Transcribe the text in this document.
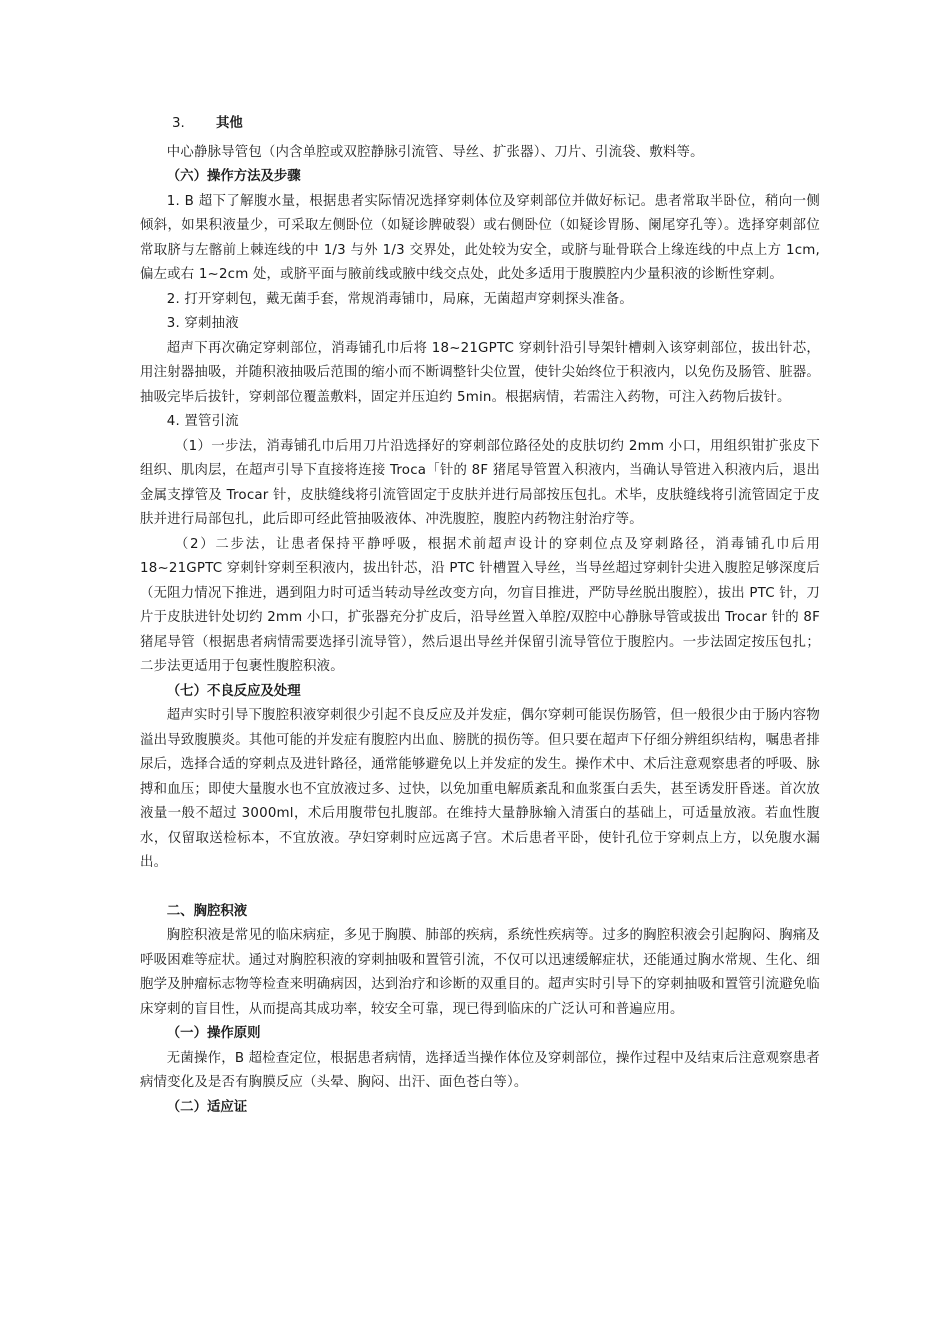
3. 其他

中心静脉导管包（内含单腔或双腔静脉引流管、导丝、扩张器）、刀片、引流袋、敷料等。

（六）操作方法及步骤

1. B 超下了解腹水量，根据患者实际情况选择穿刺体位及穿刺部位并做好标记。患者常取半卧位，稍向一侧倾斜，如果积液量少，可采取左侧卧位（如疑诊脾破裂）或右侧卧位（如疑诊胃肠、阑尾穿孔等）。选择穿刺部位常取脐与左髂前上棘连线的中 1/3 与外 1/3 交界处，此处较为安全，或脐与耻骨联合上缘连线的中点上方 1cm,偏左或右 1~2cm 处，或脐平面与腋前线或腋中线交点处，此处多适用于腹膜腔内少量积液的诊断性穿刺。

2. 打开穿刺包，戴无菌手套，常规消毒铺巾，局麻，无菌超声穿刺探头准备。

3. 穿刺抽液

超声下再次确定穿刺部位，消毒铺孔巾后将 18~21GPTC 穿刺针沿引导架针槽刺入该穿刺部位，拔出针芯，用注射器抽吸，并随积液抽吸后范围的缩小而不断调整针尖位置，使针尖始终位于积液内，以免伤及肠管、脏器。抽吸完毕后拔针，穿刺部位覆盖敷料，固定并压迫约 5min。根据病情，若需注入药物，可注入药物后拔针。

4. 置管引流

（1）一步法，消毒铺孔巾后用刀片沿选择好的穿刺部位路径处的皮肤切约 2mm 小口，用组织钳扩张皮下组织、肌肉层，在超声引导下直接将连接 Troca「针的 8F 猪尾导管置入积液内，当确认导管进入积液内后，退出金属支撑管及 Trocar 针，皮肤缝线将引流管固定于皮肤并进行局部按压包扎。术毕，皮肤缝线将引流管固定于皮肤并进行局部包扎，此后即可经此管抽吸液体、冲洗腹腔，腹腔内药物注射治疗等。

（2）二步法，让患者保持平静呼吸，根据术前超声设计的穿刺位点及穿刺路径，消毒铺孔巾后用 18~21GPTC 穿刺针穿刺至积液内，拔出针芯，沿 PTC 针槽置入导丝，当导丝超过穿刺针尖进入腹腔足够深度后（无阻力情况下推进，遇到阻力时可适当转动导丝改变方向，勿盲目推进，严防导丝脱出腹腔），拔出 PTC 针，刀片于皮肤进针处切约 2mm 小口，扩张器充分扩皮后，沿导丝置入单腔/双腔中心静脉导管或拔出 Trocar 针的 8F 猪尾导管（根据患者病情需要选择引流导管），然后退出导丝并保留引流导管位于腹腔内。一步法固定按压包扎；二步法更适用于包裹性腹腔积液。

（七）不良反应及处理

超声实时引导下腹腔积液穿刺很少引起不良反应及并发症，偶尔穿刺可能误伤肠管，但一般很少由于肠内容物溢出导致腹膜炎。其他可能的并发症有腹腔内出血、膀胱的损伤等。但只要在超声下仔细分辨组织结构，嘱患者排尿后，选择合适的穿刺点及进针路径，通常能够避免以上并发症的发生。操作术中、术后注意观察患者的呼吸、脉搏和血压；即使大量腹水也不宜放液过多、过快，以免加重电解质紊乱和血浆蛋白丢失，甚至诱发肝昏迷。首次放液量一般不超过 3000ml，术后用腹带包扎腹部。在维持大量静脉输入清蛋白的基础上，可适量放液。若血性腹水，仅留取送检标本，不宜放液。孕妇穿刺时应远离子宫。术后患者平卧，使针孔位于穿刺点上方，以免腹水漏出。

二、胸腔积液

胸腔积液是常见的临床病症，多见于胸膜、肺部的疾病，系统性疾病等。过多的胸腔积液会引起胸闷、胸痛及呼吸困难等症状。通过对胸腔积液的穿刺抽吸和置管引流，不仅可以迅速缓解症状，还能通过胸水常规、生化、细胞学及肿瘤标志物等检查来明确病因，达到治疗和诊断的双重目的。超声实时引导下的穿刺抽吸和置管引流避免临床穿刺的盲目性，从而提高其成功率，较安全可靠，现已得到临床的广泛认可和普遍应用。

（一）操作原则

无菌操作，B 超检查定位，根据患者病情，选择适当操作体位及穿刺部位，操作过程中及结束后注意观察患者病情变化及是否有胸膜反应（头晕、胸闷、出汗、面色苍白等）。

（二）适应证
